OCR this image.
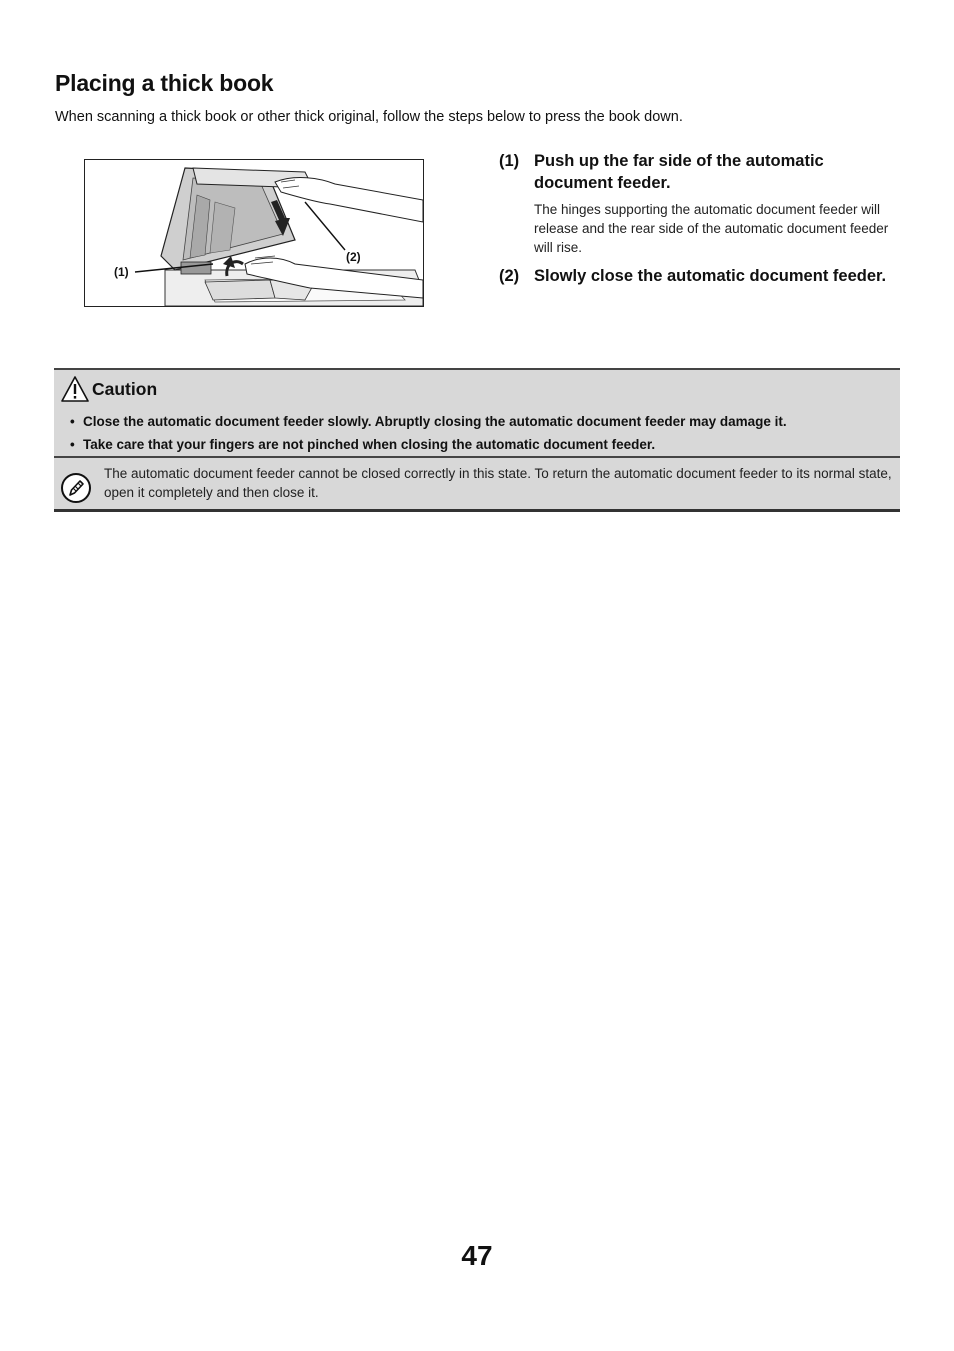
Placing a thick book

When scanning a thick book or other thick original, follow the steps below to press the book down.

(1)
(2)
(1) Push up the far side of the automatic document feeder.

The hinges supporting the automatic document feeder will release and the rear side of the automatic document feeder will rise.

(2) Slowly close the automatic document feeder.

Caution
• Close the automatic document feeder slowly. Abruptly closing the automatic document feeder may damage it.
• Take care that your fingers are not pinched when closing the automatic document feeder.

The automatic document feeder cannot be closed correctly in this state. To return the automatic document feeder to its normal state, open it completely and then close it.

47
